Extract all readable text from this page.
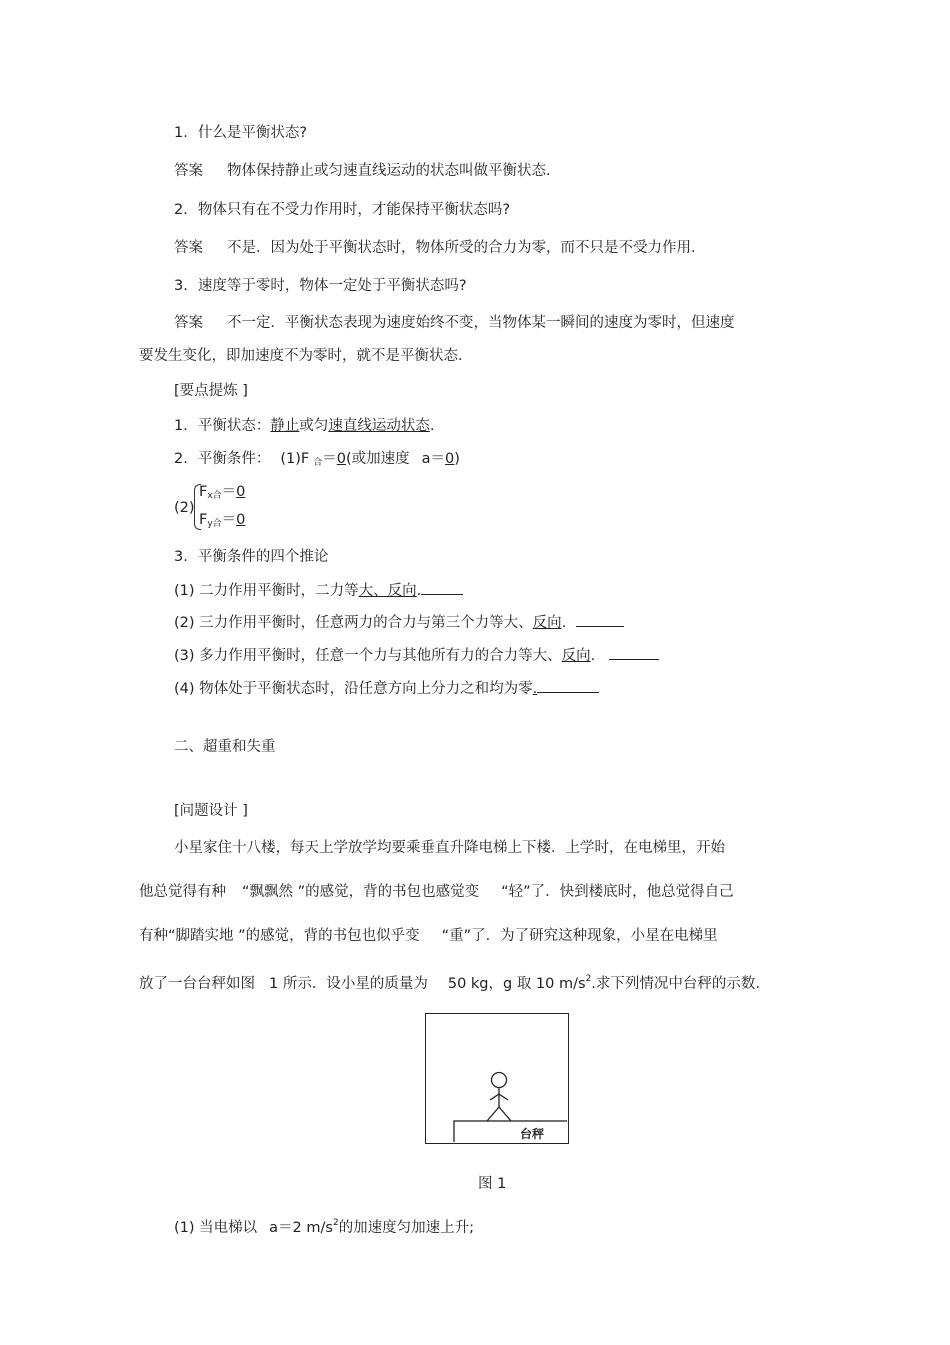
1. 什么是平衡状态?
答案 物体保持静止或匀速直线运动的状态叫做平衡状态.
2. 物体只有在不受力作用时，才能保持平衡状态吗?
答案 不是．因为处于平衡状态时，物体所受的合力为零，而不只是不受力作用.
3. 速度等于零时，物体一定处于平衡状态吗?
答案 不一定．平衡状态表现为速度始终不变，当物体某一瞬间的速度为零时，但速度
要发生变化，即加速度不为零时，就不是平衡状态.
[要点提炼 ]
1. 平衡状态：静止或匀速直线运动状态.
2. 平衡条件： (1)F $_合$＝0(或加速度 a＝0)
(2)
$F_{x合}=0$
$F_{y合}=0$
3. 平衡条件的四个推论
(1) 二力作用平衡时，二力等大、反向.
(2) 三力作用平衡时，任意两力的合力与第三个力等大、反向.
(3) 多力作用平衡时，任意一个力与其他所有力的合力等大、反向.
(4) 物体处于平衡状态时，沿任意方向上分力之和均为零.
二、超重和失重
[问题设计 ]
小星家住十八楼，每天上学放学均要乘垂直升降电梯上下楼．上学时，在电梯里，开始
他总觉得有种 “飘飘然 ”的感觉，背的书包也感觉变 “轻”了．快到楼底时，他总觉得自己
有种“脚踏实地 ”的感觉，背的书包也似乎变 “重”了．为了研究这种现象，小星在电梯里
放了一台台秤如图 1 所示．设小星的质量为 50 kg，g 取 10 $m/s^2$.求下列情况中台秤的示数.
台秤
图 1
(1) 当电梯以 a＝2 $m/s^2$的加速度匀加速上升;
